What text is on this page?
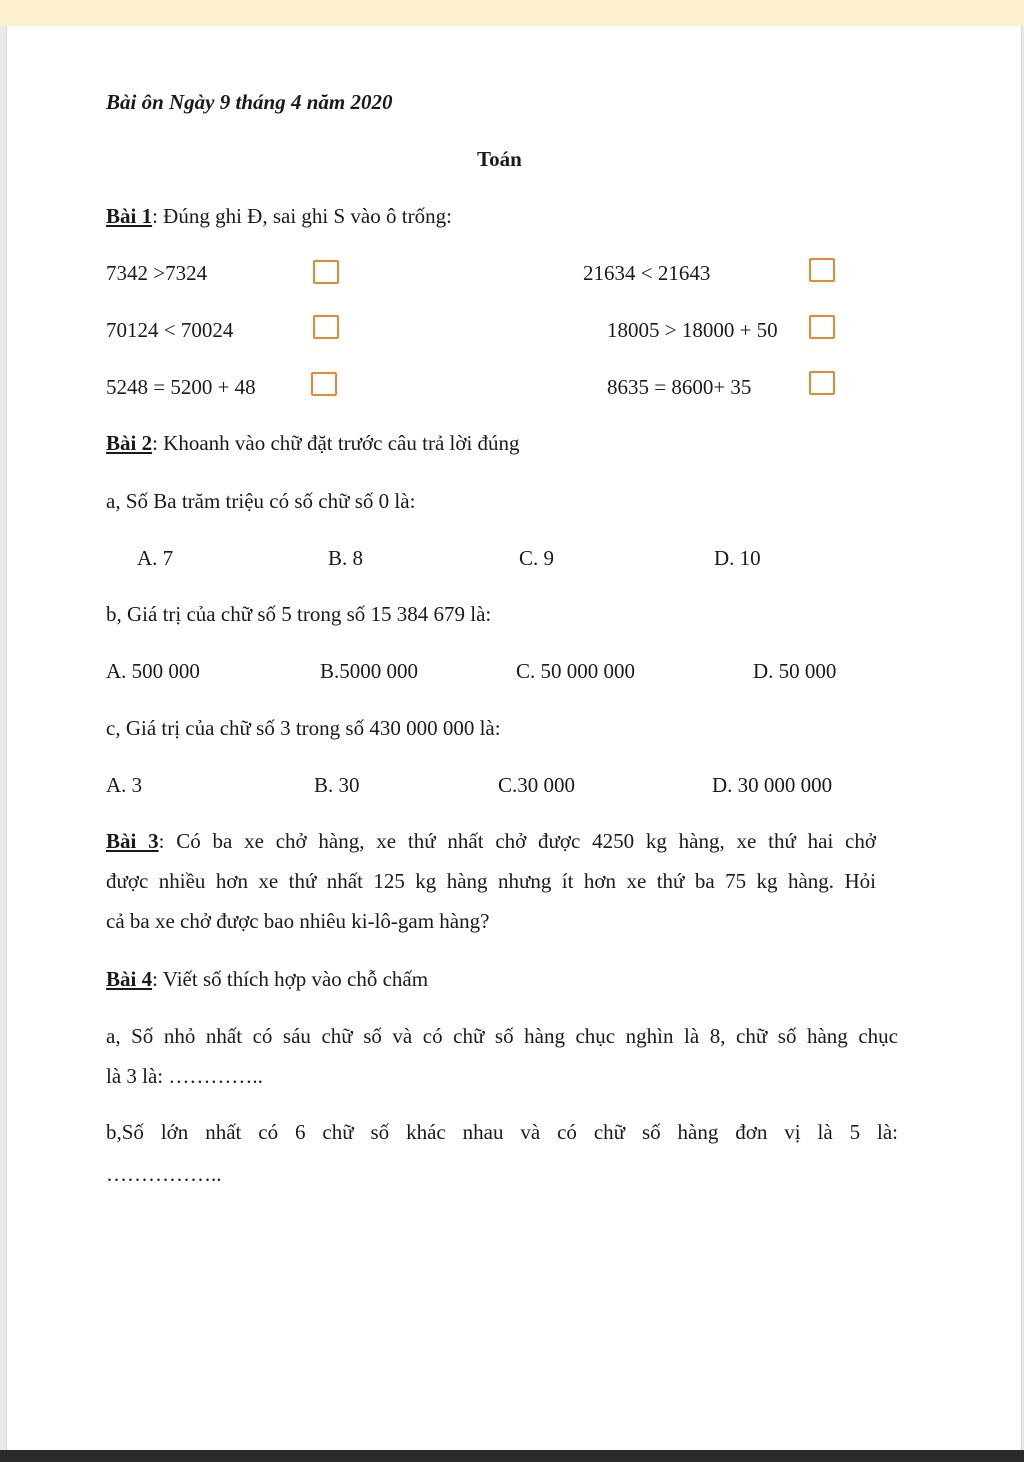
Bài ôn Ngày 9 tháng 4 năm 2020
Toán
Bài 1: Đúng ghi Đ, sai ghi S vào ô trống:
7342 >7324	21634 < 21643
70124 < 70024	18005 > 18000 + 50
5248 = 5200 + 48	8635 = 8600+ 35
Bài 2: Khoanh vào chữ đặt trước câu trả lời đúng
a, Số Ba trăm triệu có số chữ số 0 là:
A. 7	B. 8	C. 9	D. 10
b, Giá trị của chữ số 5 trong số 15 384 679 là:
A. 500 000	B.5000 000	C. 50 000 000	D. 50 000
c, Giá trị của chữ số 3 trong số 430 000 000 là:
A. 3	B. 30	C.30 000	D. 30 000 000
Bài 3: Có ba xe chở hàng, xe thứ nhất chở được 4250 kg hàng, xe thứ hai chở
được nhiều hơn xe thứ nhất 125 kg hàng nhưng ít hơn xe thứ ba 75 kg hàng. Hỏi
cả ba xe chở được bao nhiêu ki-lô-gam hàng?
Bài 4: Viết số thích hợp vào chỗ chấm
a, Số nhỏ nhất có sáu chữ số và có chữ số hàng chục nghìn là 8, chữ số hàng chục
là 3 là: …………..
b,Số lớn nhất có 6 chữ số khác nhau và có chữ số hàng đơn vị là 5 là:
……………..
